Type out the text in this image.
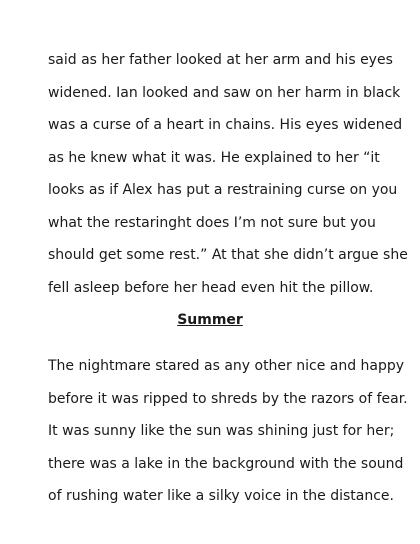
said as her father looked at her arm and his eyes
widened. Ian looked and saw on her harm in black
was a curse of a heart in chains. His eyes widened
as he knew what it was. He explained to her “it
looks as if Alex has put a restraining curse on you
what the restaringht does I’m not sure but you
should get some rest.” At that she didn’t argue she
fell asleep before her head even hit the pillow.
Summer
The nightmare stared as any other nice and happy
before it was ripped to shreds by the razors of fear.
It was sunny like the sun was shining just for her;
there was a lake in the background with the sound
of rushing water like a silky voice in the distance.
